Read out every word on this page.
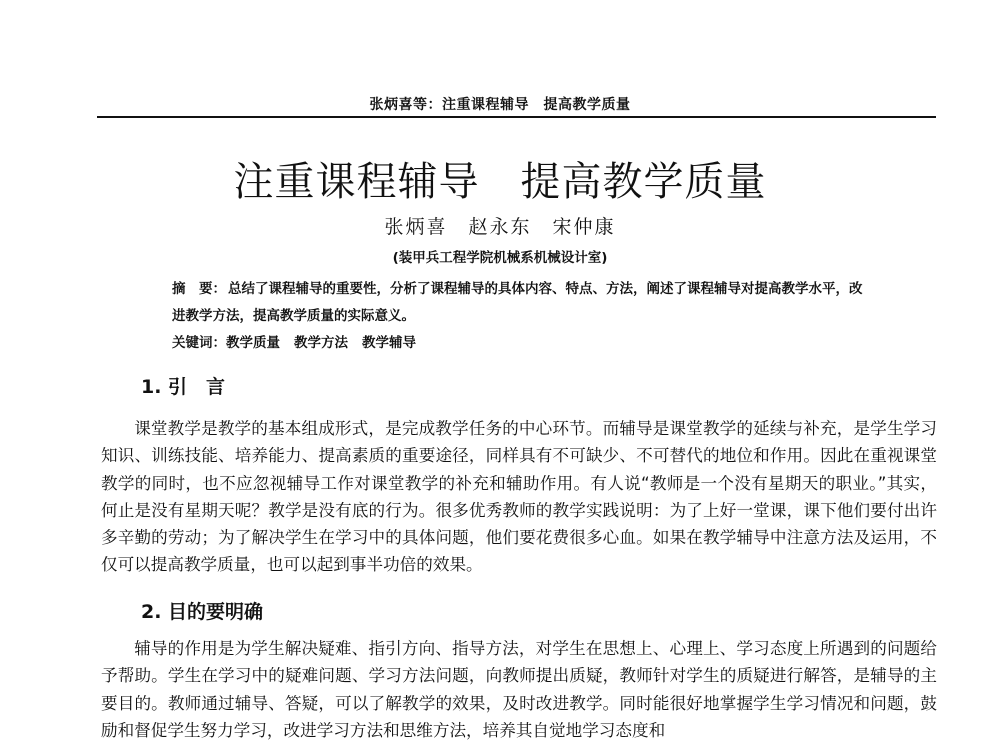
张炳喜等：注重课程辅导　提高教学质量
注重课程辅导　提高教学质量
张炳喜　赵永东　宋仲康
(装甲兵工程学院机械系机械设计室)
摘　要： 总结了课程辅导的重要性，分析了课程辅导的具体内容、特点、方法，阐述了课程辅导对提高教学水平，改进教学方法，提高教学质量的实际意义。
关键词：教学质量 教学方法 教学辅导
1. 引　言

课堂教学是教学的基本组成形式，是完成教学任务的中心环节。而辅导是课堂教学的延续与补充，是学生学习知识、训练技能、培养能力、提高素质的重要途径，同样具有不可缺少、不可替代的地位和作用。因此在重视课堂教学的同时，也不应忽视辅导工作对课堂教学的补充和辅助作用。有人说“教师是一个没有星期天的职业。”其实，何止是没有星期天呢？教学是没有底的行为。很多优秀教师的教学实践说明：为了上好一堂课，课下他们要付出许多辛勤的劳动；为了解决学生在学习中的具体问题，他们要花费很多心血。如果在教学辅导中注意方法及运用，不仅可以提高教学质量，也可以起到事半功倍的效果。

2. 目的要明确

辅导的作用是为学生解决疑难、指引方向、指导方法，对学生在思想上、心理上、学习态度上所遇到的问题给予帮助。学生在学习中的疑难问题、学习方法问题，向教师提出质疑，教师针对学生的质疑进行解答，是辅导的主要目的。教师通过辅导、答疑，可以了解教学的效果，及时改进教学。同时能很好地掌握学生学习情况和问题，鼓励和督促学生努力学习，改进学习方法和思维方法，培养其自觉地学习态度和
